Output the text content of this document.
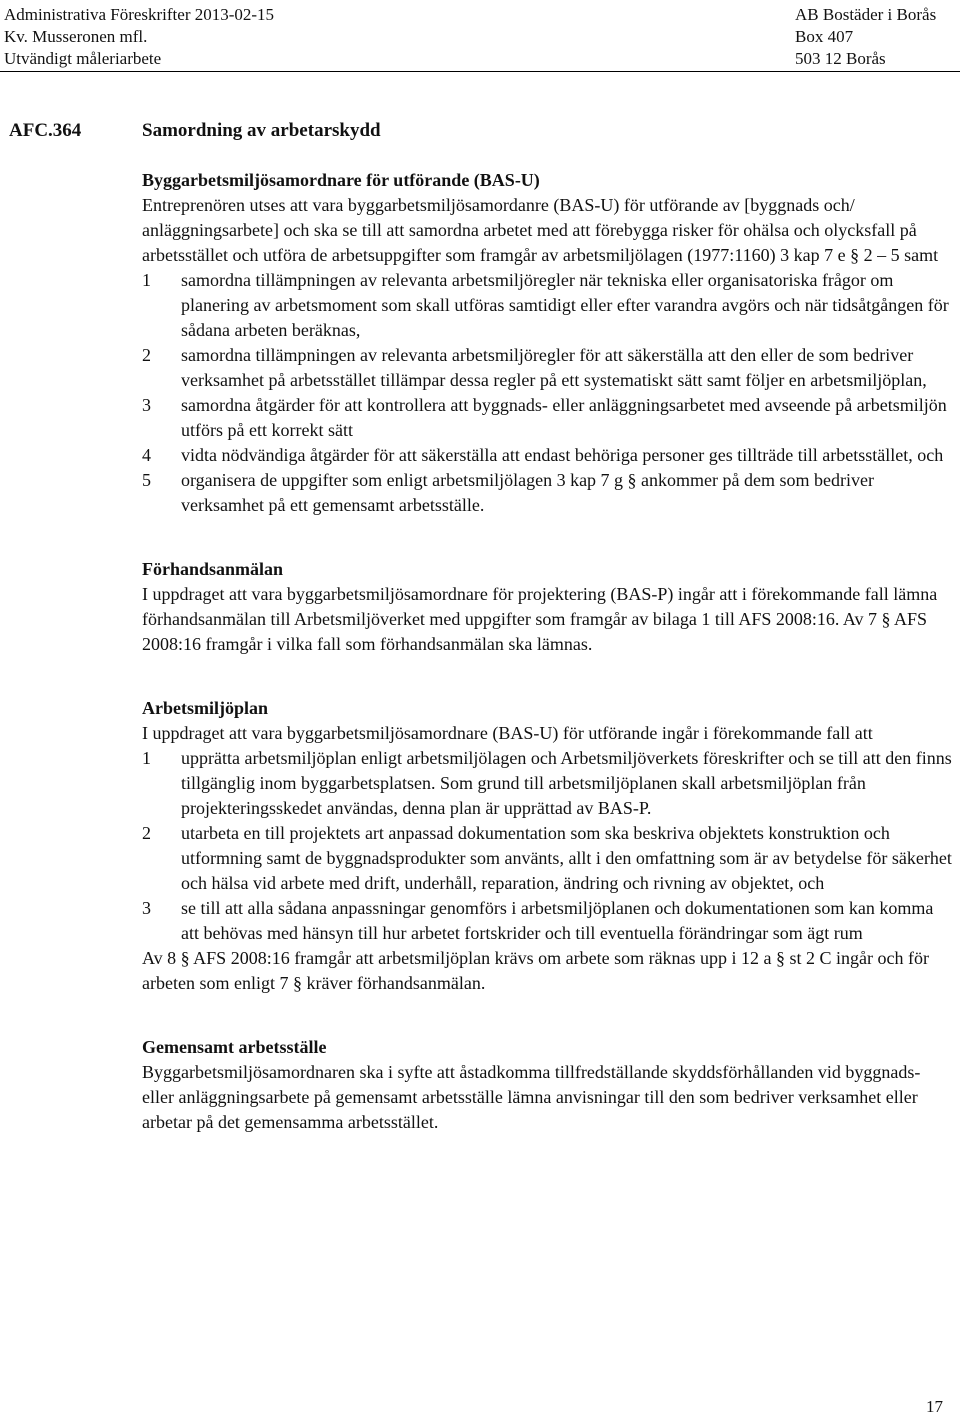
Administrativa Föreskrifter 2013-02-15
Kv. Musseronen mfl.
Utvändigt måleriarbete
AB Bostäder i Borås
Box 407
503 12 Borås
AFC.364	Samordning av arbetarskydd

Byggarbetsmiljösamordnare för utförande (BAS-U)

Entreprenören utses att vara byggarbetsmiljösamordanre (BAS-U) för utförande av [byggnads och/ anläggningsarbete] och ska se till att samordna arbetet med att förebygga risker för ohälsa och olycksfall på arbetsstället och utföra de arbetsuppgifter som framgår av arbetsmiljölagen (1977:1160) 3 kap 7 e § 2 – 5 samt

1 samordna tillämpningen av relevanta arbetsmiljöregler när tekniska eller organisatoriska frågor om planering av arbetsmoment som skall utföras samtidigt eller efter varandra avgörs och när tidsåtgången för sådana arbeten beräknas,
2 samordna tillämpningen av relevanta arbetsmiljöregler för att säkerställa att den eller de som bedriver verksamhet på arbetsstället tillämpar dessa regler på ett systematiskt sätt samt följer en arbetsmiljöplan,
3 samordna åtgärder för att kontrollera att byggnads- eller anläggningsarbetet med avseende på arbetsmiljön utförs på ett korrekt sätt
4 vidta nödvändiga åtgärder för att säkerställa att endast behöriga personer ges tillträde till arbetsstället, och
5 organisera de uppgifter som enligt arbetsmiljölagen 3 kap 7 g § ankommer på dem som bedriver verksamhet på ett gemensamt arbetsställe.

Förhandsanmälan

I uppdraget att vara byggarbetsmiljösamordnare för projektering (BAS-P) ingår att i förekommande fall lämna förhandsanmälan till Arbetsmiljöverket med uppgifter som framgår av bilaga 1 till AFS 2008:16. Av 7 § AFS 2008:16 framgår i vilka fall som förhandsanmälan ska lämnas.

Arbetsmiljöplan

I uppdraget att vara byggarbetsmiljösamordnare (BAS-U) för utförande ingår i förekommande fall att

1 upprätta arbetsmiljöplan enligt arbetsmiljölagen och Arbetsmiljöverkets föreskrifter och se till att den finns tillgänglig inom byggarbetsplatsen. Som grund till arbetsmiljöplanen skall arbetsmiljöplan från projekteringsskedet användas, denna plan är upprättad av BAS-P.
2 utarbeta en till projektets art anpassad dokumentation som ska beskriva objektets konstruktion och utformning samt de byggnadsprodukter som använts, allt i den omfattning som är av betydelse för säkerhet och hälsa vid arbete med drift, underhåll, reparation, ändring och rivning av objektet, och
3 se till att alla sådana anpassningar genomförs i arbetsmiljöplanen och dokumentationen som kan komma att behövas med hänsyn till hur arbetet fortskrider och till eventuella förändringar som ägt rum

Av 8 § AFS 2008:16 framgår att arbetsmiljöplan krävs om arbete som räknas upp i 12 a § st 2 C ingår och för arbeten som enligt 7 § kräver förhandsanmälan.

Gemensamt arbetsställe

Byggarbetsmiljösamordnaren ska i syfte att åstadkomma tillfredställande skyddsförhållanden vid byggnads- eller anläggningsarbete på gemensamt arbetsställe lämna anvisningar till den som bedriver verksamhet eller arbetar på det gemensamma arbetsstället.

17
